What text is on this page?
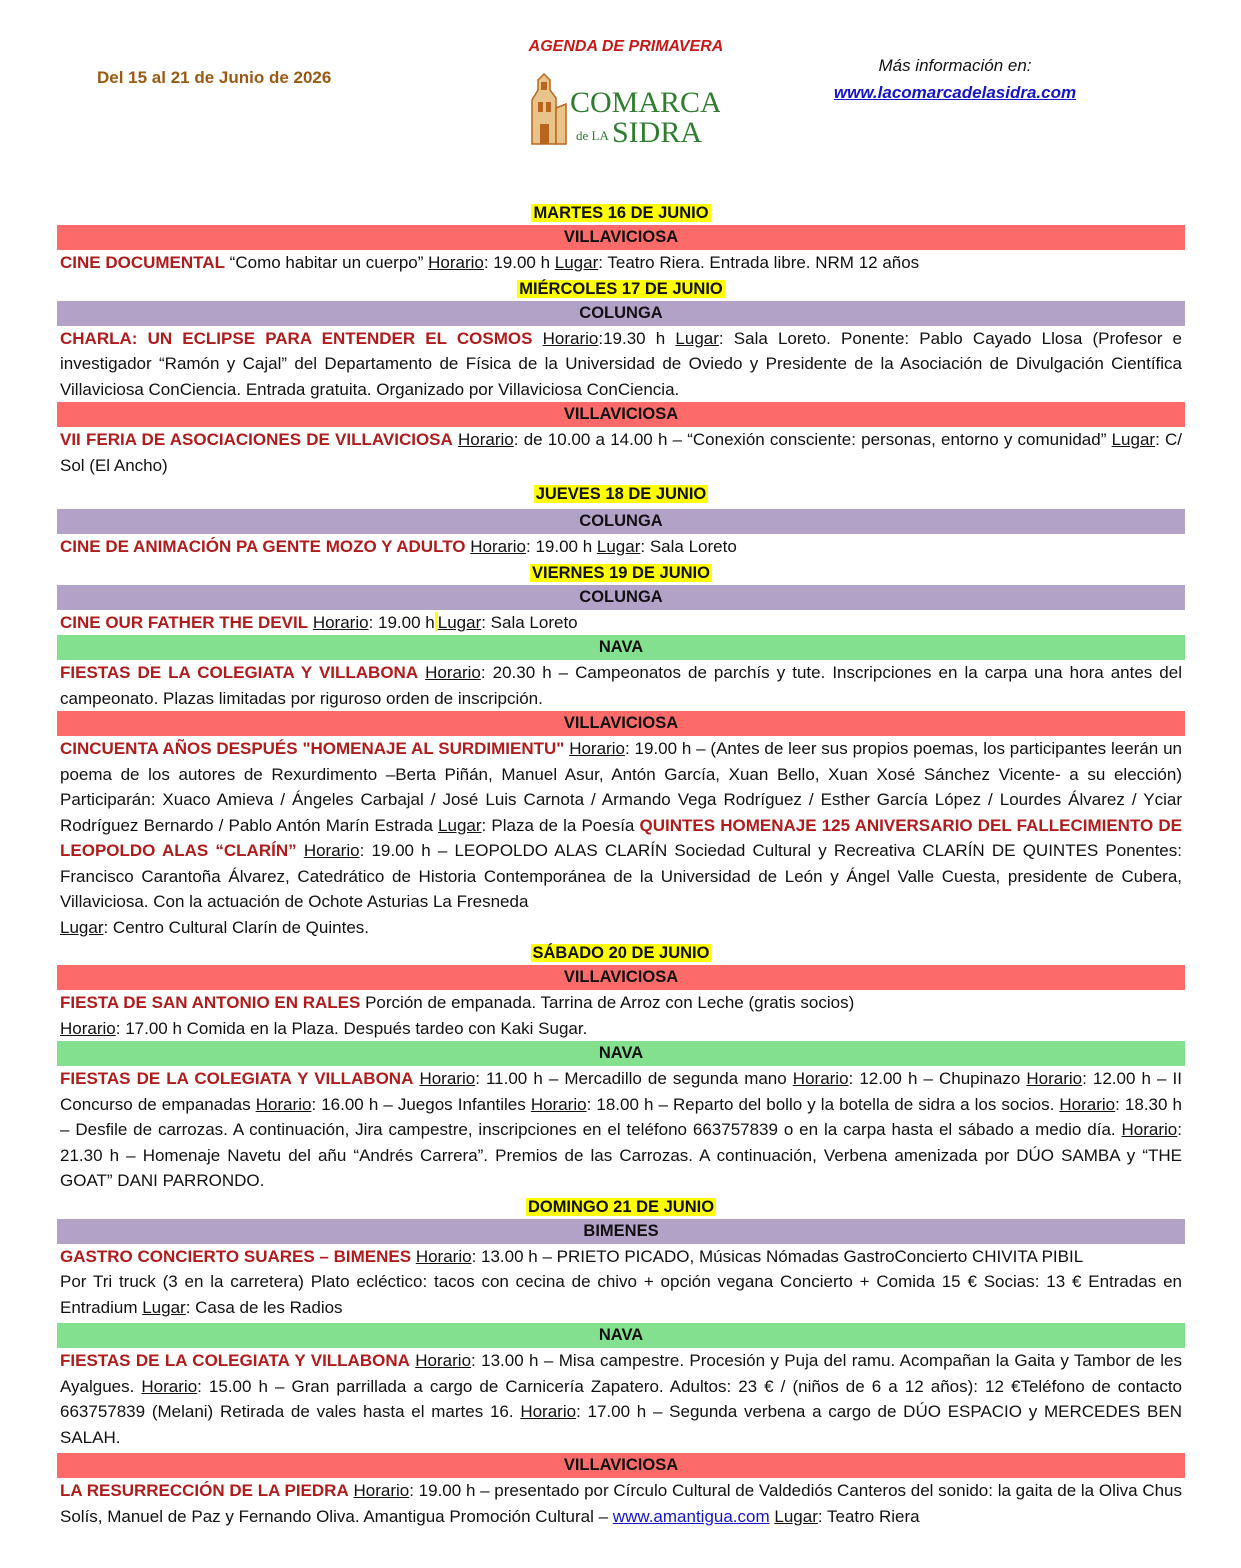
Del 15 al 21 de Junio de 2026
AGENDA DE PRIMAVERA
COMARCA
de LA SIDRA
Más información en:
www.lacomarcadelasidra.com
MARTES 16 DE JUNIO
VILLAVICIOSA
CINE DOCUMENTAL “Como habitar un cuerpo” Horario: 19.00 h Lugar: Teatro Riera. Entrada libre. NRM 12 años
MIÉRCOLES 17 DE JUNIO
COLUNGA
CHARLA: UN ECLIPSE PARA ENTENDER EL COSMOS Horario:19.30 h Lugar: Sala Loreto. Ponente: Pablo Cayado Llosa (Profesor e investigador “Ramón y Cajal” del Departamento de Física de la Universidad de Oviedo y Presidente de la Asociación de Divulgación Científica Villaviciosa ConCiencia. Entrada gratuita. Organizado por Villaviciosa ConCiencia.
VILLAVICIOSA
VII FERIA DE ASOCIACIONES DE VILLAVICIOSA Horario: de 10.00 a 14.00 h – “Conexión consciente: personas, entorno y comunidad” Lugar: C/ Sol (El Ancho)
JUEVES 18 DE JUNIO
COLUNGA
CINE DE ANIMACIÓN PA GENTE MOZO Y ADULTO Horario: 19.00 h Lugar: Sala Loreto
VIERNES 19 DE JUNIO
COLUNGA
CINE OUR FATHER THE DEVIL Horario: 19.00 h Lugar: Sala Loreto
NAVA
FIESTAS DE LA COLEGIATA Y VILLABONA Horario: 20.30 h – Campeonatos de parchís y tute. Inscripciones en la carpa una hora antes del campeonato. Plazas limitadas por riguroso orden de inscripción.
VILLAVICIOSA
CINCUENTA AÑOS DESPUÉS "HOMENAJE AL SURDIMIENTU" Horario: 19.00 h – (Antes de leer sus propios poemas, los participantes leerán un poema de los autores de Rexurdimento –Berta Piñán, Manuel Asur, Antón García, Xuan Bello, Xuan Xosé Sánchez Vicente- a su elección) Participarán: Xuaco Amieva / Ángeles Carbajal / José Luis Carnota / Armando Vega Rodríguez / Esther García López / Lourdes Álvarez / Yciar Rodríguez Bernardo / Pablo Antón Marín Estrada Lugar: Plaza de la Poesía QUINTES HOMENAJE 125 ANIVERSARIO DEL FALLECIMIENTO DE LEOPOLDO ALAS “CLARÍN” Horario: 19.00 h – LEOPOLDO ALAS CLARÍN Sociedad Cultural y Recreativa CLARÍN DE QUINTES Ponentes: Francisco Carantoña Álvarez, Catedrático de Historia Contemporánea de la Universidad de León y Ángel Valle Cuesta, presidente de Cubera, Villaviciosa. Con la actuación de Ochote Asturias La Fresneda
Lugar: Centro Cultural Clarín de Quintes.
SÁBADO 20 DE JUNIO
VILLAVICIOSA
FIESTA DE SAN ANTONIO EN RALES Porción de empanada. Tarrina de Arroz con Leche (gratis socios)
Horario: 17.00 h Comida en la Plaza. Después tardeo con Kaki Sugar.
NAVA
FIESTAS DE LA COLEGIATA Y VILLABONA Horario: 11.00 h – Mercadillo de segunda mano Horario: 12.00 h – Chupinazo Horario: 12.00 h – II Concurso de empanadas Horario: 16.00 h – Juegos Infantiles Horario: 18.00 h – Reparto del bollo y la botella de sidra a los socios. Horario: 18.30 h – Desfile de carrozas. A continuación, Jira campestre, inscripciones en el teléfono 663757839 o en la carpa hasta el sábado a medio día. Horario: 21.30 h – Homenaje Navetu del añu “Andrés Carrera”. Premios de las Carrozas. A continuación, Verbena amenizada por DÚO SAMBA y “THE GOAT” DANI PARRONDO.
DOMINGO 21 DE JUNIO
BIMENES
GASTRO CONCIERTO SUARES – BIMENES Horario: 13.00 h – PRIETO PICADO, Músicas Nómadas GastroConcierto CHIVITA PIBIL
Por Tri truck (3 en la carretera) Plato ecléctico: tacos con cecina de chivo + opción vegana Concierto + Comida 15 € Socias: 13 € Entradas en Entradium Lugar: Casa de les Radios
NAVA
FIESTAS DE LA COLEGIATA Y VILLABONA Horario: 13.00 h – Misa campestre. Procesión y Puja del ramu. Acompañan la Gaita y Tambor de les Ayalgues. Horario: 15.00 h – Gran parrillada a cargo de Carnicería Zapatero. Adultos: 23 € / (niños de 6 a 12 años): 12 €Teléfono de contacto 663757839 (Melani) Retirada de vales hasta el martes 16. Horario: 17.00 h – Segunda verbena a cargo de DÚO ESPACIO y MERCEDES BEN SALAH.
VILLAVICIOSA
LA RESURRECCIÓN DE LA PIEDRA Horario: 19.00 h – presentado por Círculo Cultural de Valdediós Canteros del sonido: la gaita de la Oliva Chus Solís, Manuel de Paz y Fernando Oliva. Amantigua Promoción Cultural – www.amantigua.com Lugar: Teatro Riera
